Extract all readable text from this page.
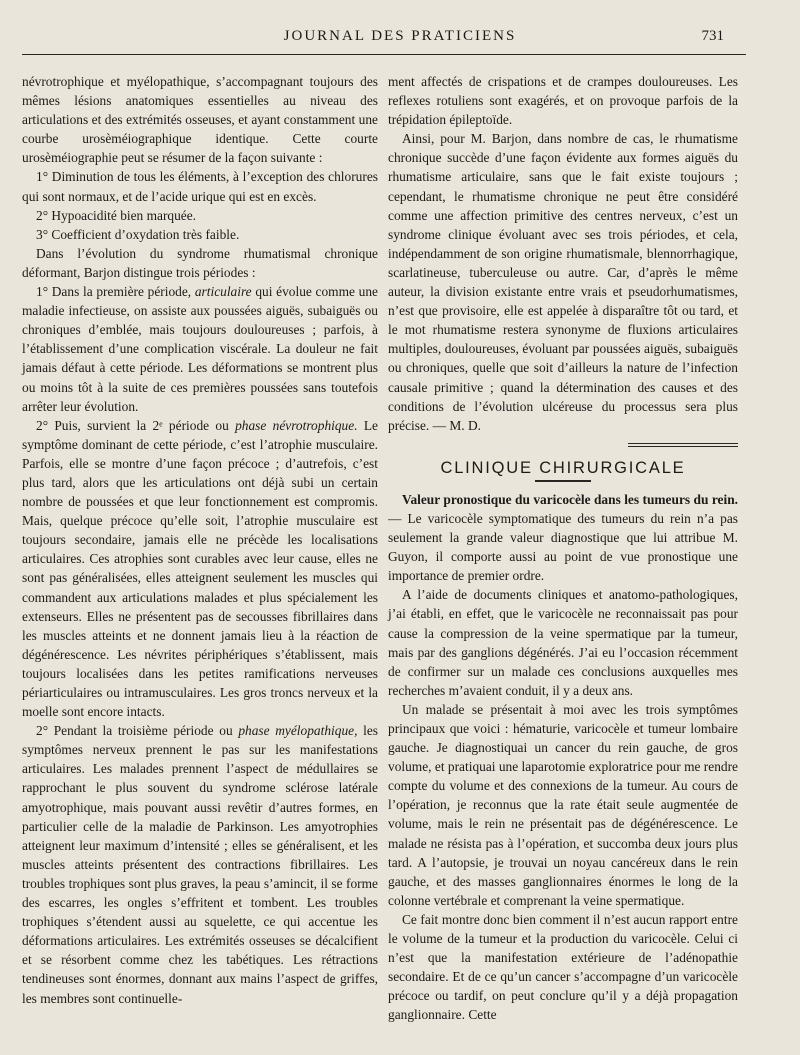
JOURNAL DES PRATICIENS	731

névrotrophique et myélopathique, s’accompagnant toujours des mêmes lésions anatomiques essentielles au niveau des articulations et des extrémités osseuses, et ayant constamment une courbe urosèméiographique identique. Cette courte urosèméiographie peut se résumer de la façon suivante :

1° Diminution de tous les éléments, à l’exception des chlorures qui sont normaux, et de l’acide urique qui est en excès.

2° Hypoacidité bien marquée.

3° Coefficient d’oxydation très faible.

Dans l’évolution du syndrome rhumatismal chronique déformant, Barjon distingue trois périodes :

1° Dans la première période, articulaire qui évolue comme une maladie infectieuse, on assiste aux poussées aiguës, subaiguës ou chroniques d’emblée, mais toujours douloureuses ; parfois, à l’établissement d’une complication viscérale. La douleur ne fait jamais défaut à cette période. Les déformations se montrent plus ou moins tôt à la suite de ces premières poussées sans toutefois arrêter leur évolution.

2° Puis, survient la 2ᵉ période ou phase névrotrophique. Le symptôme dominant de cette période, c’est l’atrophie musculaire. Parfois, elle se montre d’une façon précoce ; d’autrefois, c’est plus tard, alors que les articulations ont déjà subi un certain nombre de poussées et que leur fonctionnement est compromis. Mais, quelque précoce qu’elle soit, l’atrophie musculaire est toujours secondaire, jamais elle ne précède les localisations articulaires. Ces atrophies sont curables avec leur cause, elles ne sont pas généralisées, elles atteignent seulement les muscles qui commandent aux articulations malades et plus spécialement les extenseurs. Elles ne présentent pas de secousses fibrillaires dans les muscles atteints et ne donnent jamais lieu à la réaction de dégénérescence. Les névrites périphériques s’établissent, mais toujours localisées dans les petites ramifications nerveuses périarticulaires ou intramusculaires. Les gros troncs nerveux et la moelle sont encore intacts.

2° Pendant la troisième période ou phase myélopathique, les symptômes nerveux prennent le pas sur les manifestations articulaires. Les malades prennent l’aspect de médullaires se rapprochant le plus souvent du syndrome sclérose latérale amyotrophique, mais pouvant aussi revêtir d’autres formes, en particulier celle de la maladie de Parkinson. Les amyotrophies atteignent leur maximum d’intensité ; elles se généralisent, et les muscles atteints présentent des contractions fibrillaires. Les troubles trophiques sont plus graves, la peau s’amincit, il se forme des escarres, les ongles s’effritent et tombent. Les troubles trophiques s’étendent aussi au squelette, ce qui accentue les déformations articulaires. Les extrémités osseuses se décalcifient et se résorbent comme chez les tabétiques. Les rétractions tendineuses sont énormes, donnant aux mains l’aspect de griffes, les membres sont continuelle-

ment affectés de crispations et de crampes douloureuses. Les reflexes rotuliens sont exagérés, et on provoque parfois de la trépidation épileptoïde.

Ainsi, pour M. Barjon, dans nombre de cas, le rhumatisme chronique succède d’une façon évidente aux formes aiguës du rhumatisme articulaire, sans que le fait existe toujours ; cependant, le rhumatisme chronique ne peut être considéré comme une affection primitive des centres nerveux, c’est un syndrome clinique évoluant avec ses trois périodes, et cela, indépendamment de son origine rhumatismale, blennorrhagique, scarlatineuse, tuberculeuse ou autre. Car, d’après le même auteur, la division existante entre vrais et pseudorhumatismes, n’est que provisoire, elle est appelée à disparaître tôt ou tard, et le mot rhumatisme restera synonyme de fluxions articulaires multiples, douloureuses, évoluant par poussées aiguës, subaiguës ou chroniques, quelle que soit d’ailleurs la nature de l’infection causale primitive ; quand la détermination des causes et des conditions de l’évolution ulcéreuse du processus sera plus précise. — M. D.

CLINIQUE CHIRURGICALE

Valeur pronostique du varicocèle dans les tumeurs du rein. — Le varicocèle symptomatique des tumeurs du rein n’a pas seulement la grande valeur diagnostique que lui attribue M. Guyon, il comporte aussi au point de vue pronostique une importance de premier ordre.

A l’aide de documents cliniques et anatomo-pathologiques, j’ai établi, en effet, que le varicocèle ne reconnaissait pas pour cause la compression de la veine spermatique par la tumeur, mais par des ganglions dégénérés. J’ai eu l’occasion récemment de confirmer sur un malade ces conclusions auxquelles mes recherches m’avaient conduit, il y a deux ans.

Un malade se présentait à moi avec les trois symptômes principaux que voici : hématurie, varicocèle et tumeur lombaire gauche. Je diagnostiquai un cancer du rein gauche, de gros volume, et pratiquai une laparotomie exploratrice pour me rendre compte du volume et des connexions de la tumeur. Au cours de l’opération, je reconnus que la rate était seule augmentée de volume, mais le rein ne présentait pas de dégénérescence. Le malade ne résista pas à l’opération, et succomba deux jours plus tard. A l’autopsie, je trouvai un noyau cancéreux dans le rein gauche, et des masses ganglionnaires énormes le long de la colonne vertébrale et comprenant la veine spermatique.

Ce fait montre donc bien comment il n’est aucun rapport entre le volume de la tumeur et la production du varicocèle. Celui ci n’est que la manifestation extérieure de l’adénopathie secondaire. Et de ce qu’un cancer s’accompagne d’un varicocèle précoce ou tardif, on peut conclure qu’il y a déjà propagation ganglionnaire. Cette
